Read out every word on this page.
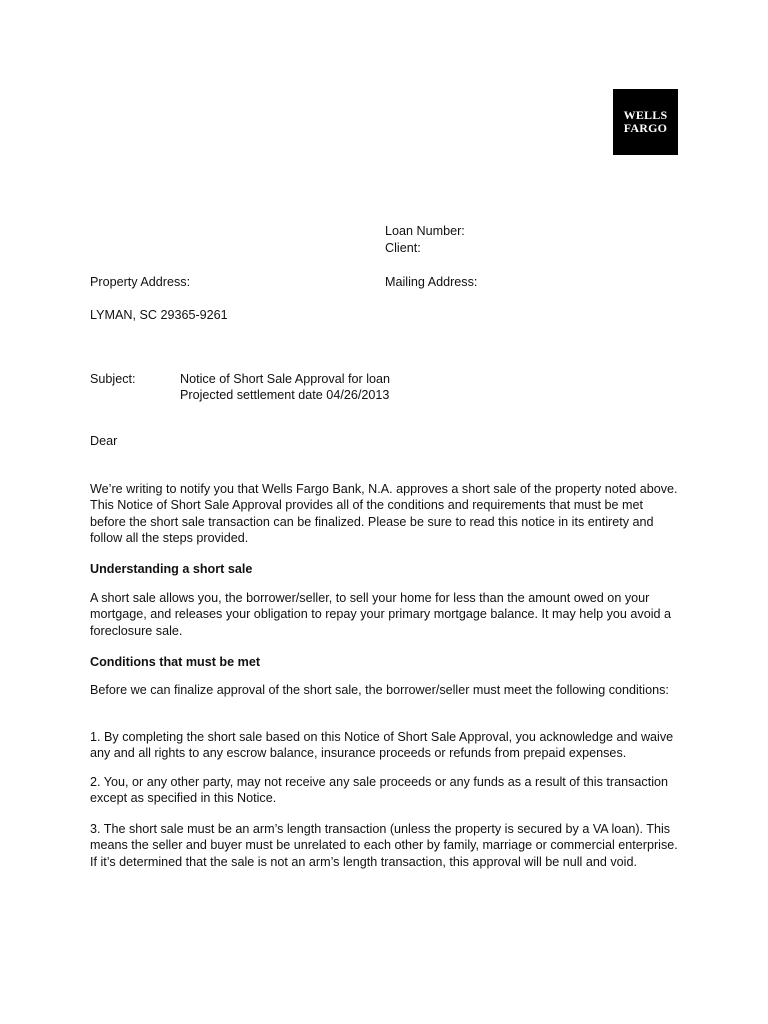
WELLS
FARGO
Loan Number:
Client:
Property Address:	Mailing Address:
LYMAN, SC 29365-9261
Subject:	Notice of Short Sale Approval for loan
Projected settlement date 04/26/2013
Dear

We’re writing to notify you that Wells Fargo Bank, N.A. approves a short sale of the property noted above. This Notice of Short Sale Approval provides all of the conditions and requirements that must be met before the short sale transaction can be finalized. Please be sure to read this notice in its entirety and follow all the steps provided.

Understanding a short sale

A short sale allows you, the borrower/seller, to sell your home for less than the amount owed on your mortgage, and releases your obligation to repay your primary mortgage balance. It may help you avoid a foreclosure sale.

Conditions that must be met

Before we can finalize approval of the short sale, the borrower/seller must meet the following conditions:

1. By completing the short sale based on this Notice of Short Sale Approval, you acknowledge and waive any and all rights to any escrow balance, insurance proceeds or refunds from prepaid expenses.

2. You, or any other party, may not receive any sale proceeds or any funds as a result of this transaction except as specified in this Notice.

3. The short sale must be an arm’s length transaction (unless the property is secured by a VA loan). This means the seller and buyer must be unrelated to each other by family, marriage or commercial enterprise. If it’s determined that the sale is not an arm’s length transaction, this approval will be null and void.
